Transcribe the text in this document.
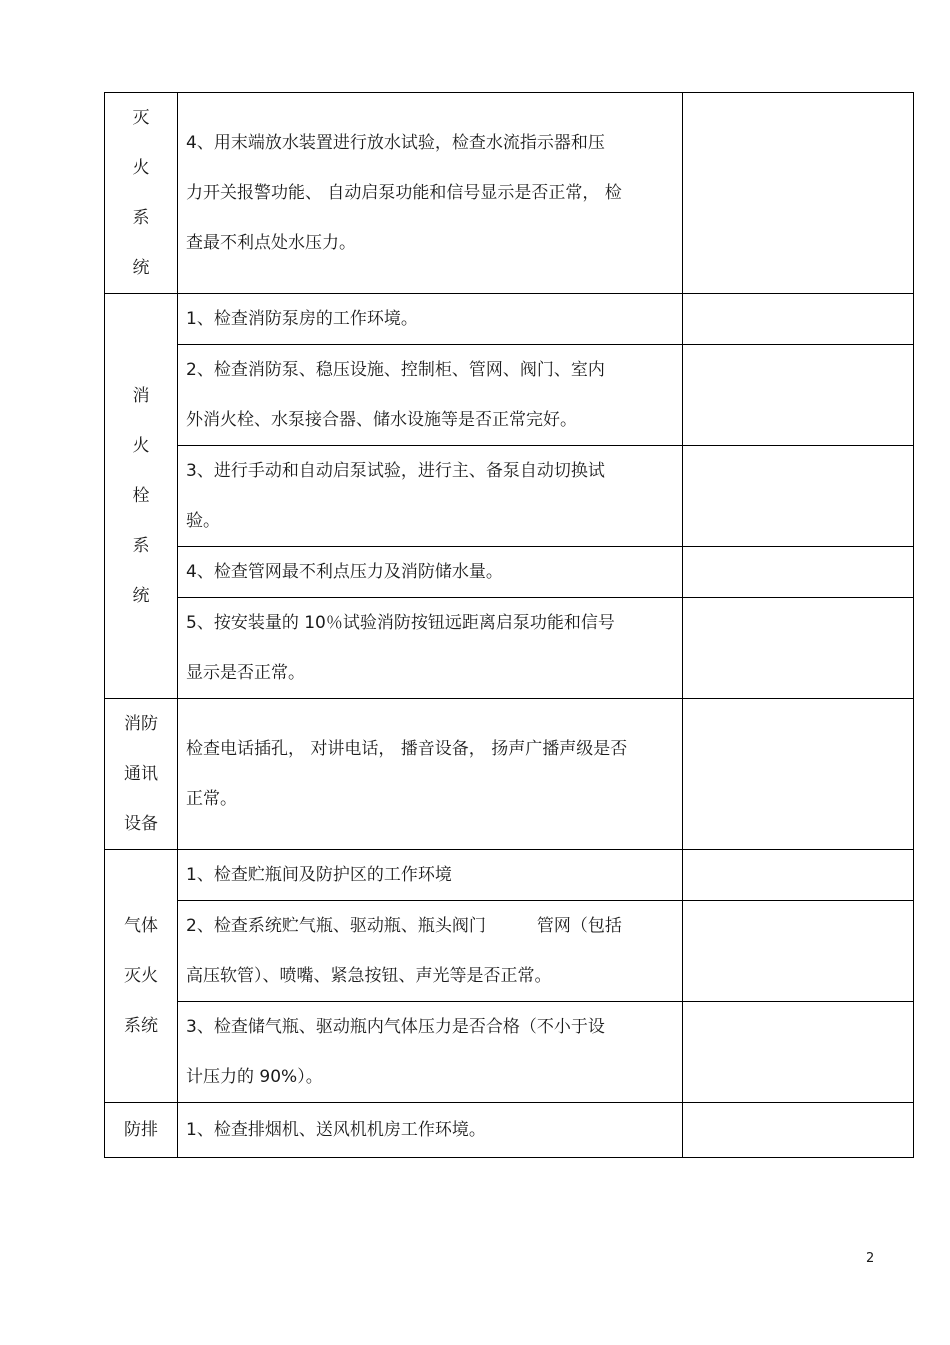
灭
火
系
统	4、用末端放水装置进行放水试验，检查水流指示器和压
力开关报警功能、 自动启泵功能和信号显示是否正常， 检
查最不利点处水压力。	

消
火
栓
系
统	1、检查消防泵房的工作环境。	

	2、检查消防泵、稳压设施、控制柜、管网、阀门、室内
外消火栓、水泵接合器、储水设施等是否正常完好。	

	3、进行手动和自动启泵试验，进行主、备泵自动切换试
验。	

	4、检查管网最不利点压力及消防储水量。	

	5、按安装量的 10％试验消防按钮远距离启泵功能和信号
显示是否正常。	

消防
通讯
设备	检查电话插孔， 对讲电话， 播音设备， 扬声广播声级是否
正常。	

气体
灭火
系统	1、检查贮瓶间及防护区的工作环境	

	2、检查系统贮气瓶、驱动瓶、瓶头阀门　　　管网（包括
高压软管）、喷嘴、紧急按钮、声光等是否正常。	

	3、检查储气瓶、驱动瓶内气体压力是否合格（不小于设
计压力的 90%）。	

防排	1、检查排烟机、送风机机房工作环境。	

2
